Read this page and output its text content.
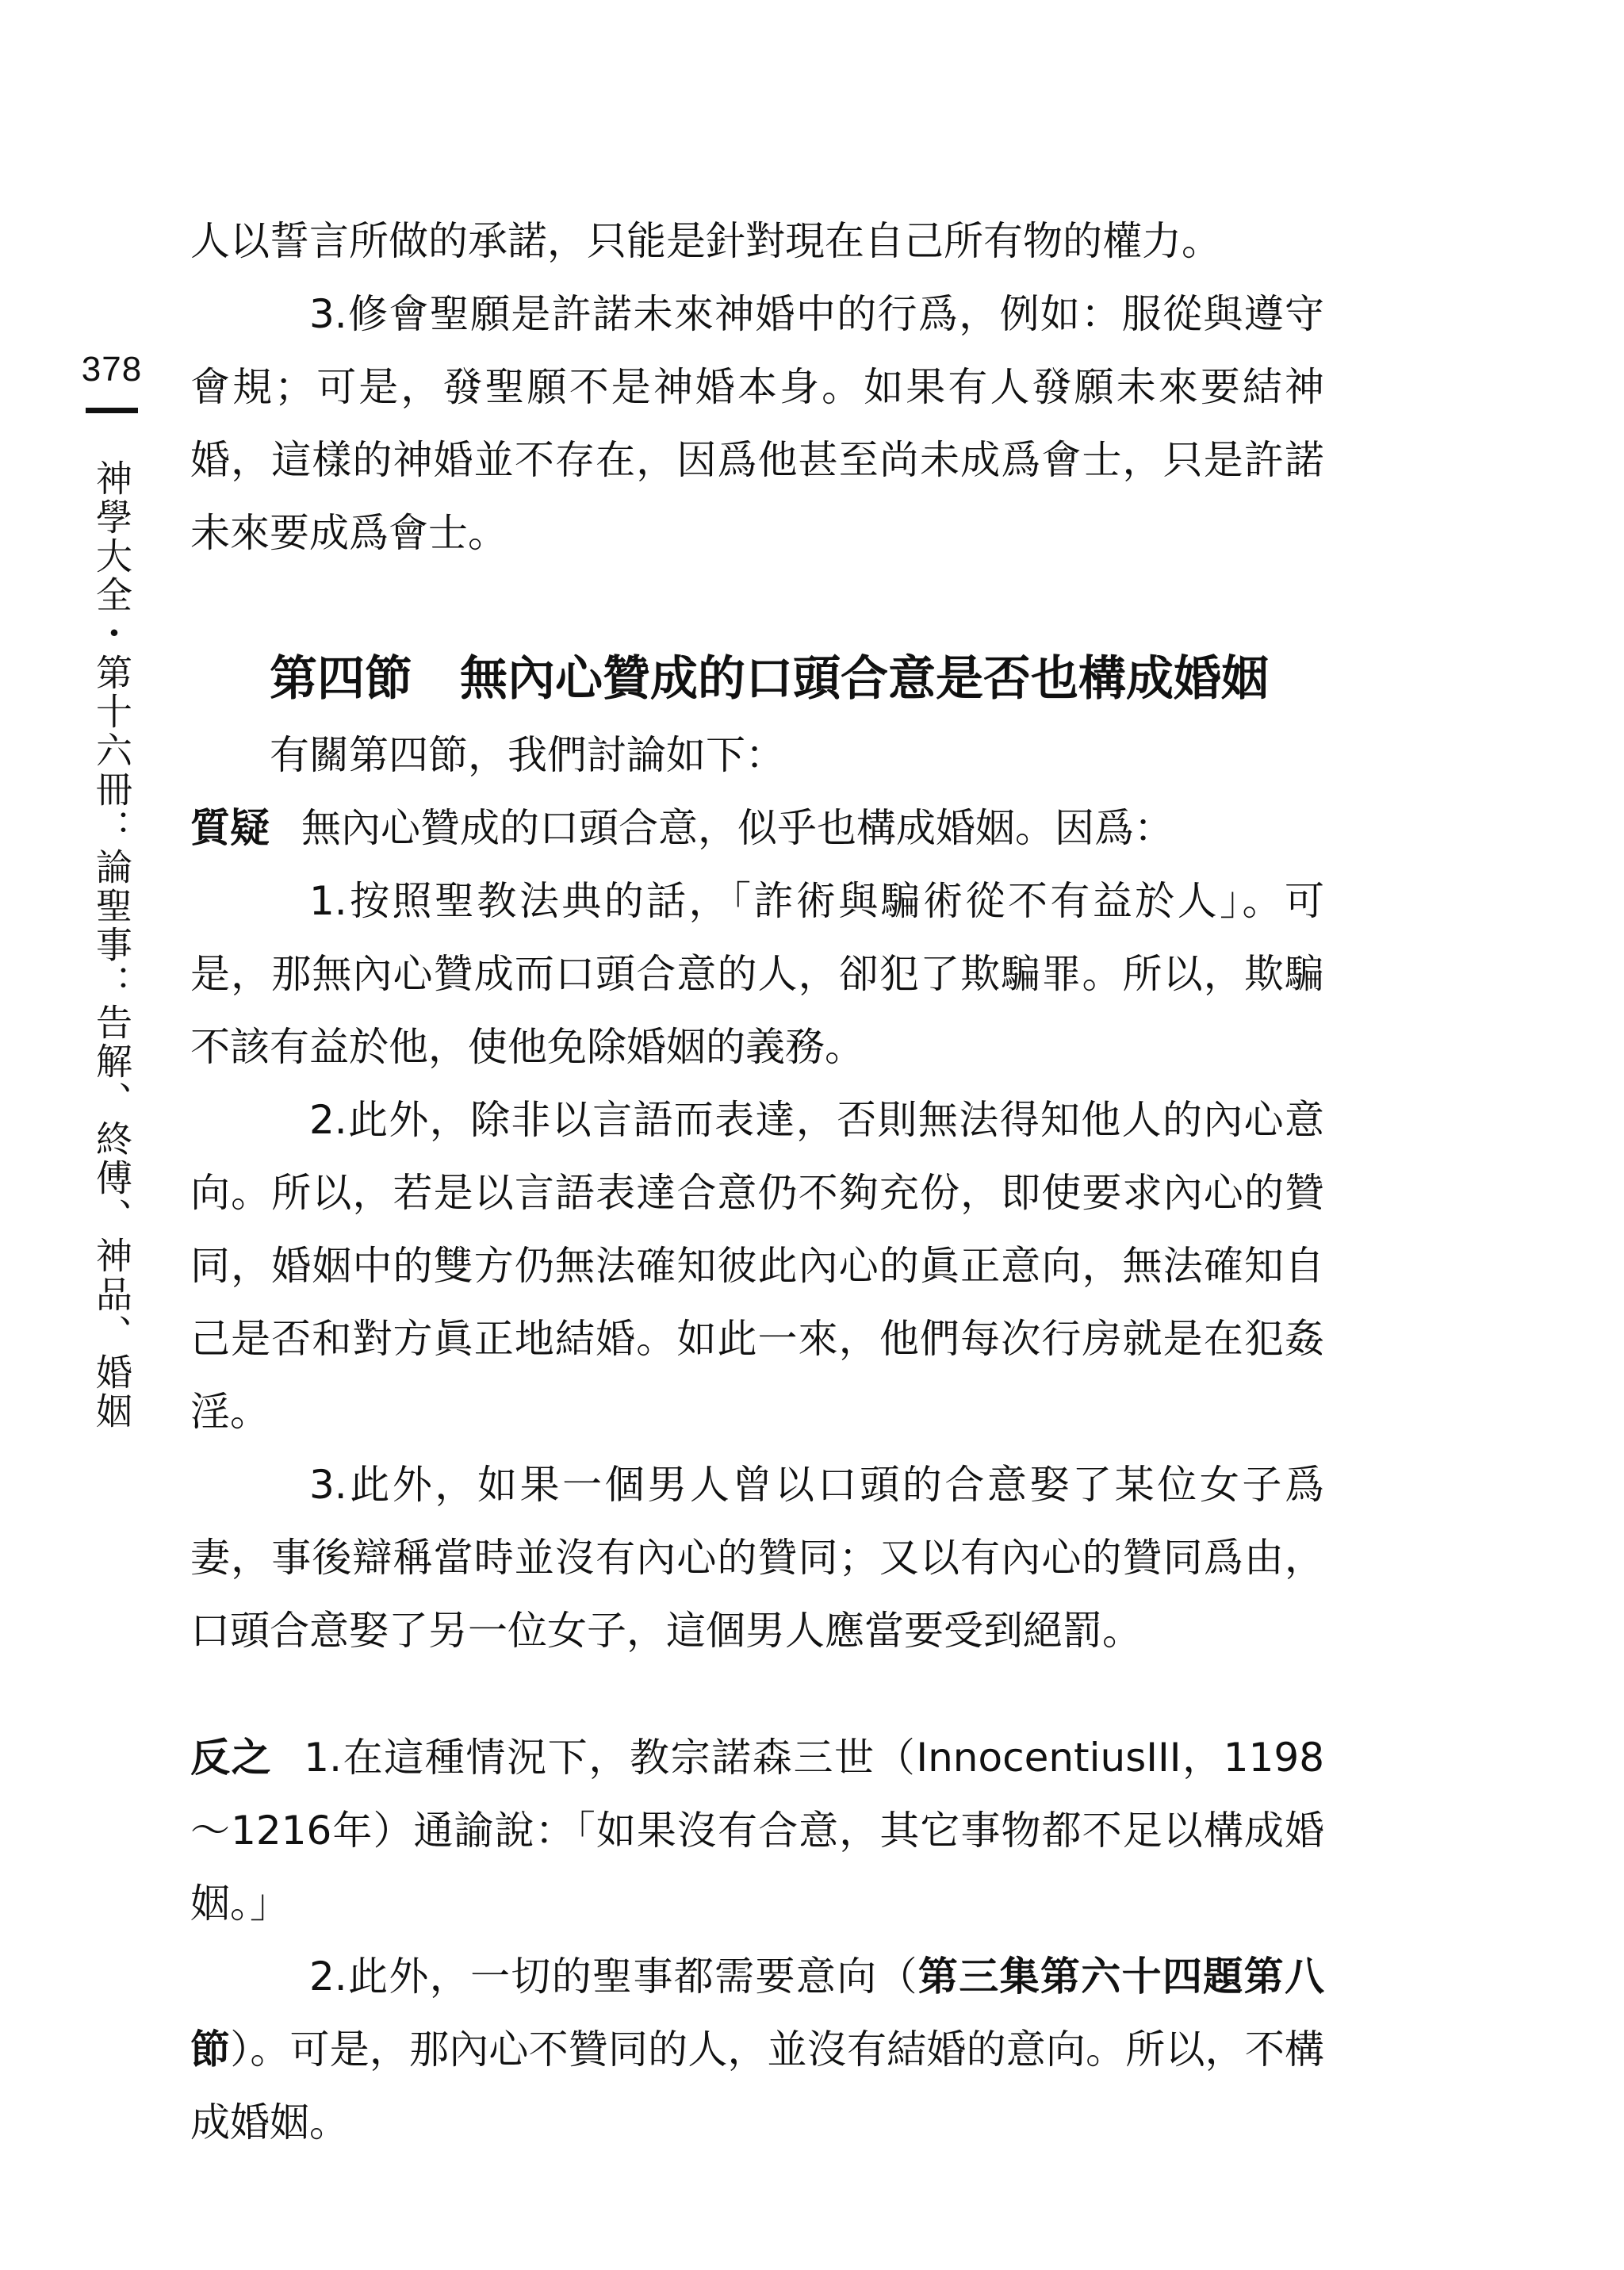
378
神學大全・第十六冊：論聖事：告解、終傅、神品、婚姻

人以誓言所做的承諾，只能是針對現在自己所有物的權力。

3.修會聖願是許諾未來神婚中的行爲，例如：服從與遵守會規；可是，發聖願不是神婚本身。如果有人發願未來要結神婚，這樣的神婚並不存在，因爲他甚至尚未成爲會士，只是許諾未來要成爲會士。

第四節 無內心贊成的口頭合意是否也構成婚姻

有關第四節，我們討論如下：

質疑 無內心贊成的口頭合意，似乎也構成婚姻。因爲：

1.按照聖教法典的話，「詐術與騙術從不有益於人」。可是，那無內心贊成而口頭合意的人，卻犯了欺騙罪。所以，欺騙不該有益於他，使他免除婚姻的義務。

2.此外，除非以言語而表達，否則無法得知他人的內心意向。所以，若是以言語表達合意仍不夠充份，即使要求內心的贊同，婚姻中的雙方仍無法確知彼此內心的眞正意向，無法確知自己是否和對方眞正地結婚。如此一來，他們每次行房就是在犯姦淫。

3.此外，如果一個男人曾以口頭的合意娶了某位女子爲妻，事後辯稱當時並沒有內心的贊同；又以有內心的贊同爲由，口頭合意娶了另一位女子，這個男人應當要受到絕罰。

反之 1.在這種情況下，教宗諾森三世（InnocentiusIII，1198～1216年）通諭說：「如果沒有合意，其它事物都不足以構成婚姻。」

2.此外，一切的聖事都需要意向（第三集第六十四題第八節）。可是，那內心不贊同的人，並沒有結婚的意向。所以，不構成婚姻。
